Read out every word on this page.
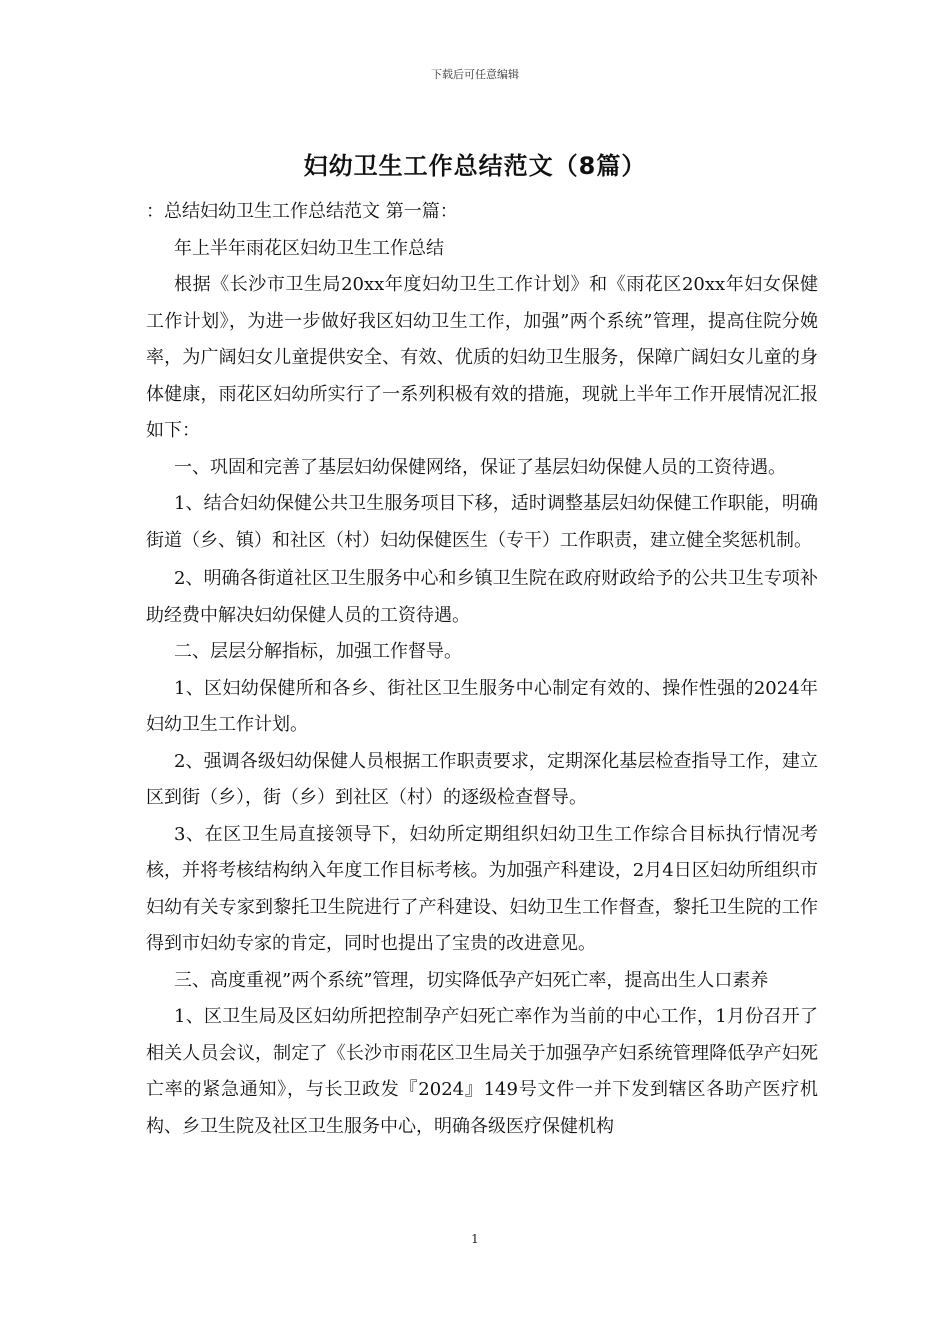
下载后可任意编辑
妇幼卫生工作总结范文（8篇）

：总结妇幼卫生工作总结范文 第一篇：

年上半年雨花区妇幼卫生工作总结

根据《长沙市卫生局20xx年度妇幼卫生工作计划》和《雨花区20xx年妇女保健工作计划》，为进一步做好我区妇幼卫生工作，加强”两个系统”管理，提高住院分娩率，为广阔妇女儿童提供安全、有效、优质的妇幼卫生服务，保障广阔妇女儿童的身体健康，雨花区妇幼所实行了一系列积极有效的措施，现就上半年工作开展情况汇报如下：

一、巩固和完善了基层妇幼保健网络，保证了基层妇幼保健人员的工资待遇。

1、结合妇幼保健公共卫生服务项目下移，适时调整基层妇幼保健工作职能，明确街道（乡、镇）和社区（村）妇幼保健医生（专干）工作职责，建立健全奖惩机制。

2、明确各街道社区卫生服务中心和乡镇卫生院在政府财政给予的公共卫生专项补助经费中解决妇幼保健人员的工资待遇。

二、层层分解指标，加强工作督导。

1、区妇幼保健所和各乡、街社区卫生服务中心制定有效的、操作性强的2024年妇幼卫生工作计划。

2、强调各级妇幼保健人员根据工作职责要求，定期深化基层检查指导工作，建立区到街（乡），街（乡）到社区（村）的逐级检查督导。

3、在区卫生局直接领导下，妇幼所定期组织妇幼卫生工作综合目标执行情况考核，并将考核结构纳入年度工作目标考核。为加强产科建设，2月4日区妇幼所组织市妇幼有关专家到黎托卫生院进行了产科建设、妇幼卫生工作督查，黎托卫生院的工作得到市妇幼专家的肯定，同时也提出了宝贵的改进意见。

三、高度重视”两个系统”管理，切实降低孕产妇死亡率，提高出生人口素养

1、区卫生局及区妇幼所把控制孕产妇死亡率作为当前的中心工作，1月份召开了相关人员会议，制定了《长沙市雨花区卫生局关于加强孕产妇系统管理降低孕产妇死亡率的紧急通知》，与长卫政发『2024』149号文件一并下发到辖区各助产医疗机构、乡卫生院及社区卫生服务中心，明确各级医疗保健机构

1
